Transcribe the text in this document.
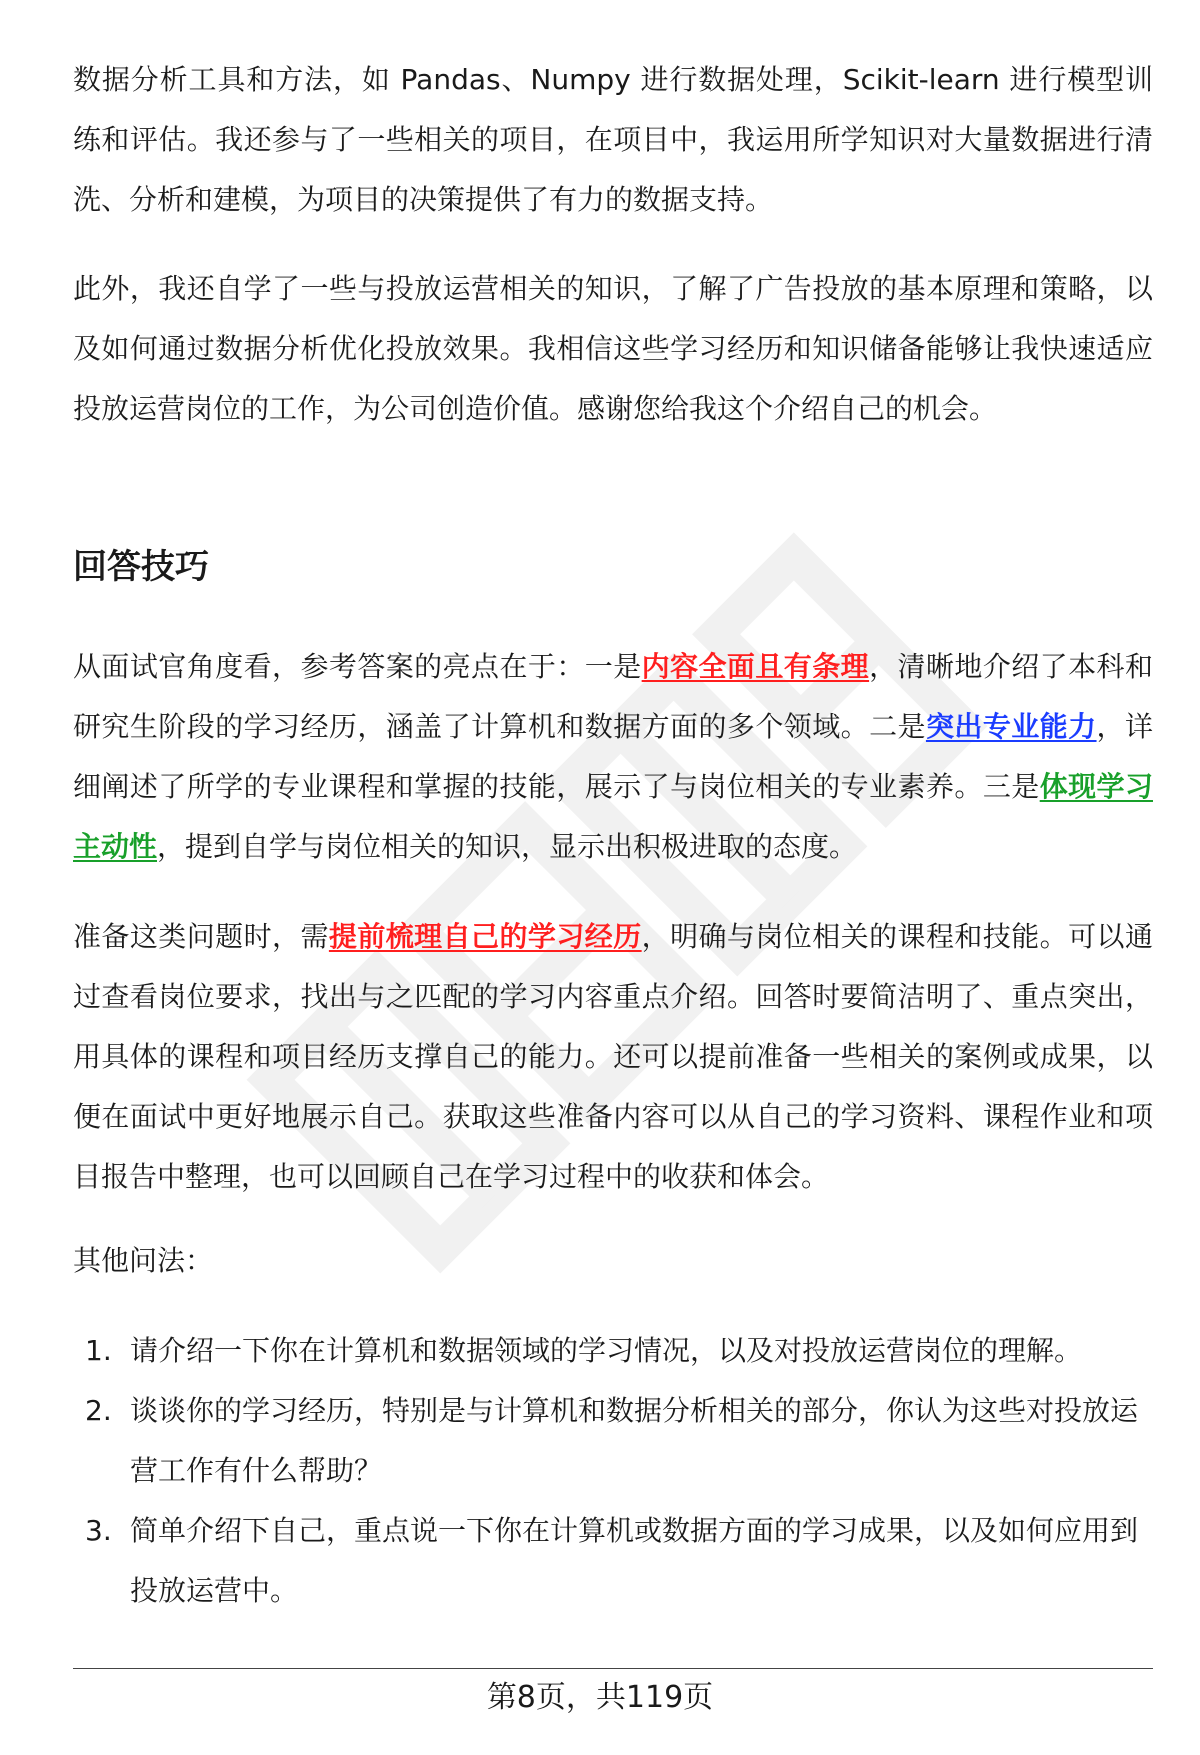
数据分析工具和方法，如 Pandas、Numpy 进行数据处理，Scikit-learn 进行模型训练和评估。我还参与了一些相关的项目，在项目中，我运用所学知识对大量数据进行清洗、分析和建模，为项目的决策提供了有力的数据支持。

此外，我还自学了一些与投放运营相关的知识，了解了广告投放的基本原理和策略，以及如何通过数据分析优化投放效果。我相信这些学习经历和知识储备能够让我快速适应投放运营岗位的工作，为公司创造价值。感谢您给我这个介绍自己的机会。

回答技巧

从面试官角度看，参考答案的亮点在于：一是内容全面且有条理，清晰地介绍了本科和研究生阶段的学习经历，涵盖了计算机和数据方面的多个领域。二是突出专业能力，详细阐述了所学的专业课程和掌握的技能，展示了与岗位相关的专业素养。三是体现学习主动性，提到自学与岗位相关的知识，显示出积极进取的态度。

准备这类问题时，需提前梳理自己的学习经历，明确与岗位相关的课程和技能。可以通过查看岗位要求，找出与之匹配的学习内容重点介绍。回答时要简洁明了、重点突出，用具体的课程和项目经历支撑自己的能力。还可以提前准备一些相关的案例或成果，以便在面试中更好地展示自己。获取这些准备内容可以从自己的学习资料、课程作业和项目报告中整理，也可以回顾自己在学习过程中的收获和体会。

其他问法：

1. 请介绍一下你在计算机和数据领域的学习情况，以及对投放运营岗位的理解。
2. 谈谈你的学习经历，特别是与计算机和数据分析相关的部分，你认为这些对投放运营工作有什么帮助？
3. 简单介绍下自己，重点说一下你在计算机或数据方面的学习成果，以及如何应用到投放运营中。
第8页，共119页
